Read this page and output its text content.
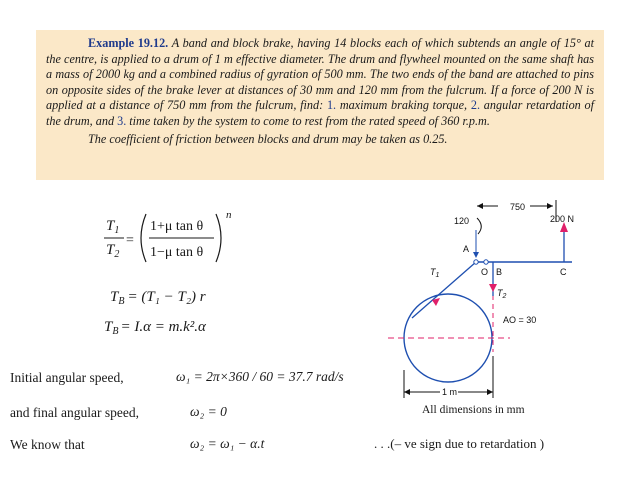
Example 19.12. A band and block brake, having 14 blocks each of which subtends an angle of 15° at the centre, is applied to a drum of 1 m effective diameter. The drum and flywheel mounted on the same shaft has a mass of 2000 kg and a combined radius of gyration of 500 mm. The two ends of the band are attached to pins on opposite sides of the brake lever at distances of 30 mm and 120 mm from the fulcrum. If a force of 200 N is applied at a distance of 750 mm from the fulcrum, find: 1. maximum braking torque, 2. angular retardation of the drum, and 3. time taken by the system to come to rest from the rated speed of 360 r.p.m.

The coefficient of friction between blocks and drum may be taken as 0.25.

$T_1$
$T_2$
=
1+μ tan θ
1−μ tan θ
n
$T_B = (T_1 - T_2)$ r
$T_B = I.\alpha = m.k^2.\alpha$
Initial angular speed,	ω₁ = 2π×360 / 60 = 37.7 rad/s
and final angular speed,	ω₂ = 0
We know that	ω₂ = ω₁ − α.t	. . .(– ve sign due to retardation )
750
120	200 N
A
O B	C
$T_1$
$T_2$
AO = 30
1 m
All dimensions in mm
